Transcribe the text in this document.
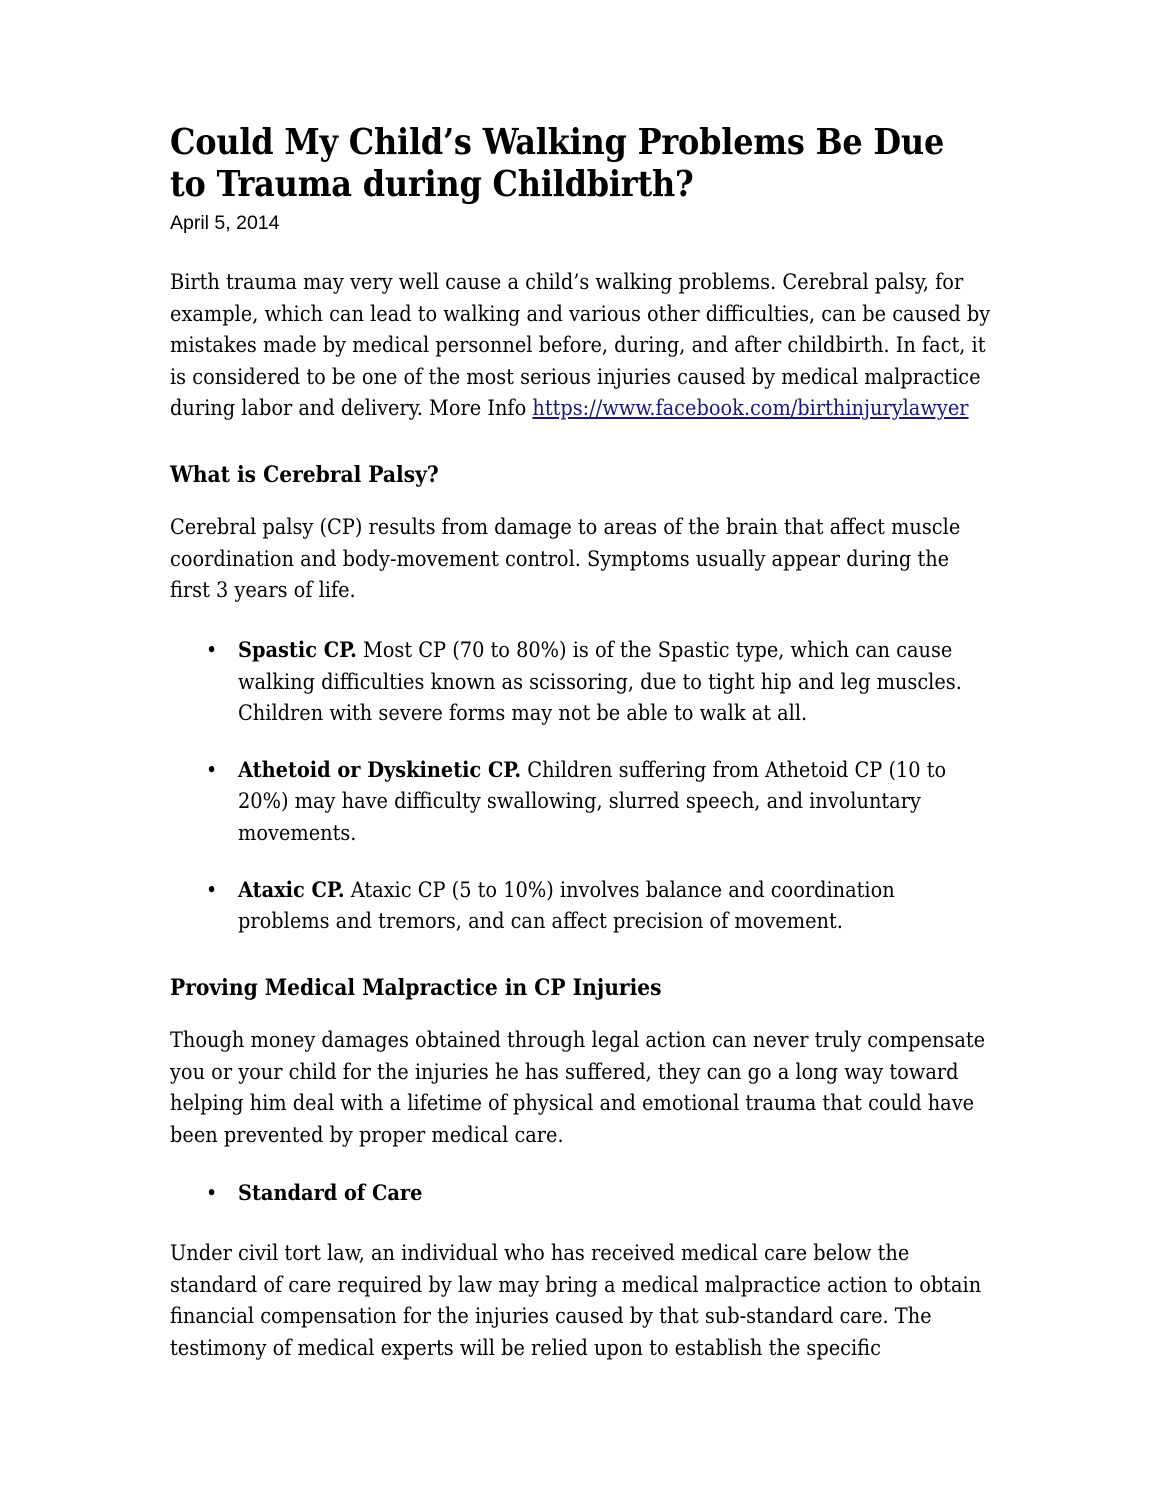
Could My Child’s Walking Problems Be Due to Trauma during Childbirth?

April 5, 2014

Birth trauma may very well cause a child’s walking problems. Cerebral palsy, for example, which can lead to walking and various other difficulties, can be caused by mistakes made by medical personnel before, during, and after childbirth. In fact, it is considered to be one of the most serious injuries caused by medical malpractice during labor and delivery. More Info https://www.facebook.com/birthinjurylawyer

What is Cerebral Palsy?

Cerebral palsy (CP) results from damage to areas of the brain that affect muscle coordination and body-movement control. Symptoms usually appear during the first 3 years of life.

• Spastic CP. Most CP (70 to 80%) is of the Spastic type, which can cause walking difficulties known as scissoring, due to tight hip and leg muscles. Children with severe forms may not be able to walk at all.
• Athetoid or Dyskinetic CP. Children suffering from Athetoid CP (10 to 20%) may have difficulty swallowing, slurred speech, and involuntary movements.
• Ataxic CP. Ataxic CP (5 to 10%) involves balance and coordination problems and tremors, and can affect precision of movement.
Proving Medical Malpractice in CP Injuries

Though money damages obtained through legal action can never truly compensate you or your child for the injuries he has suffered, they can go a long way toward helping him deal with a lifetime of physical and emotional trauma that could have been prevented by proper medical care.

• Standard of Care

Under civil tort law, an individual who has received medical care below the standard of care required by law may bring a medical malpractice action to obtain financial compensation for the injuries caused by that sub-standard care. The testimony of medical experts will be relied upon to establish the specific
